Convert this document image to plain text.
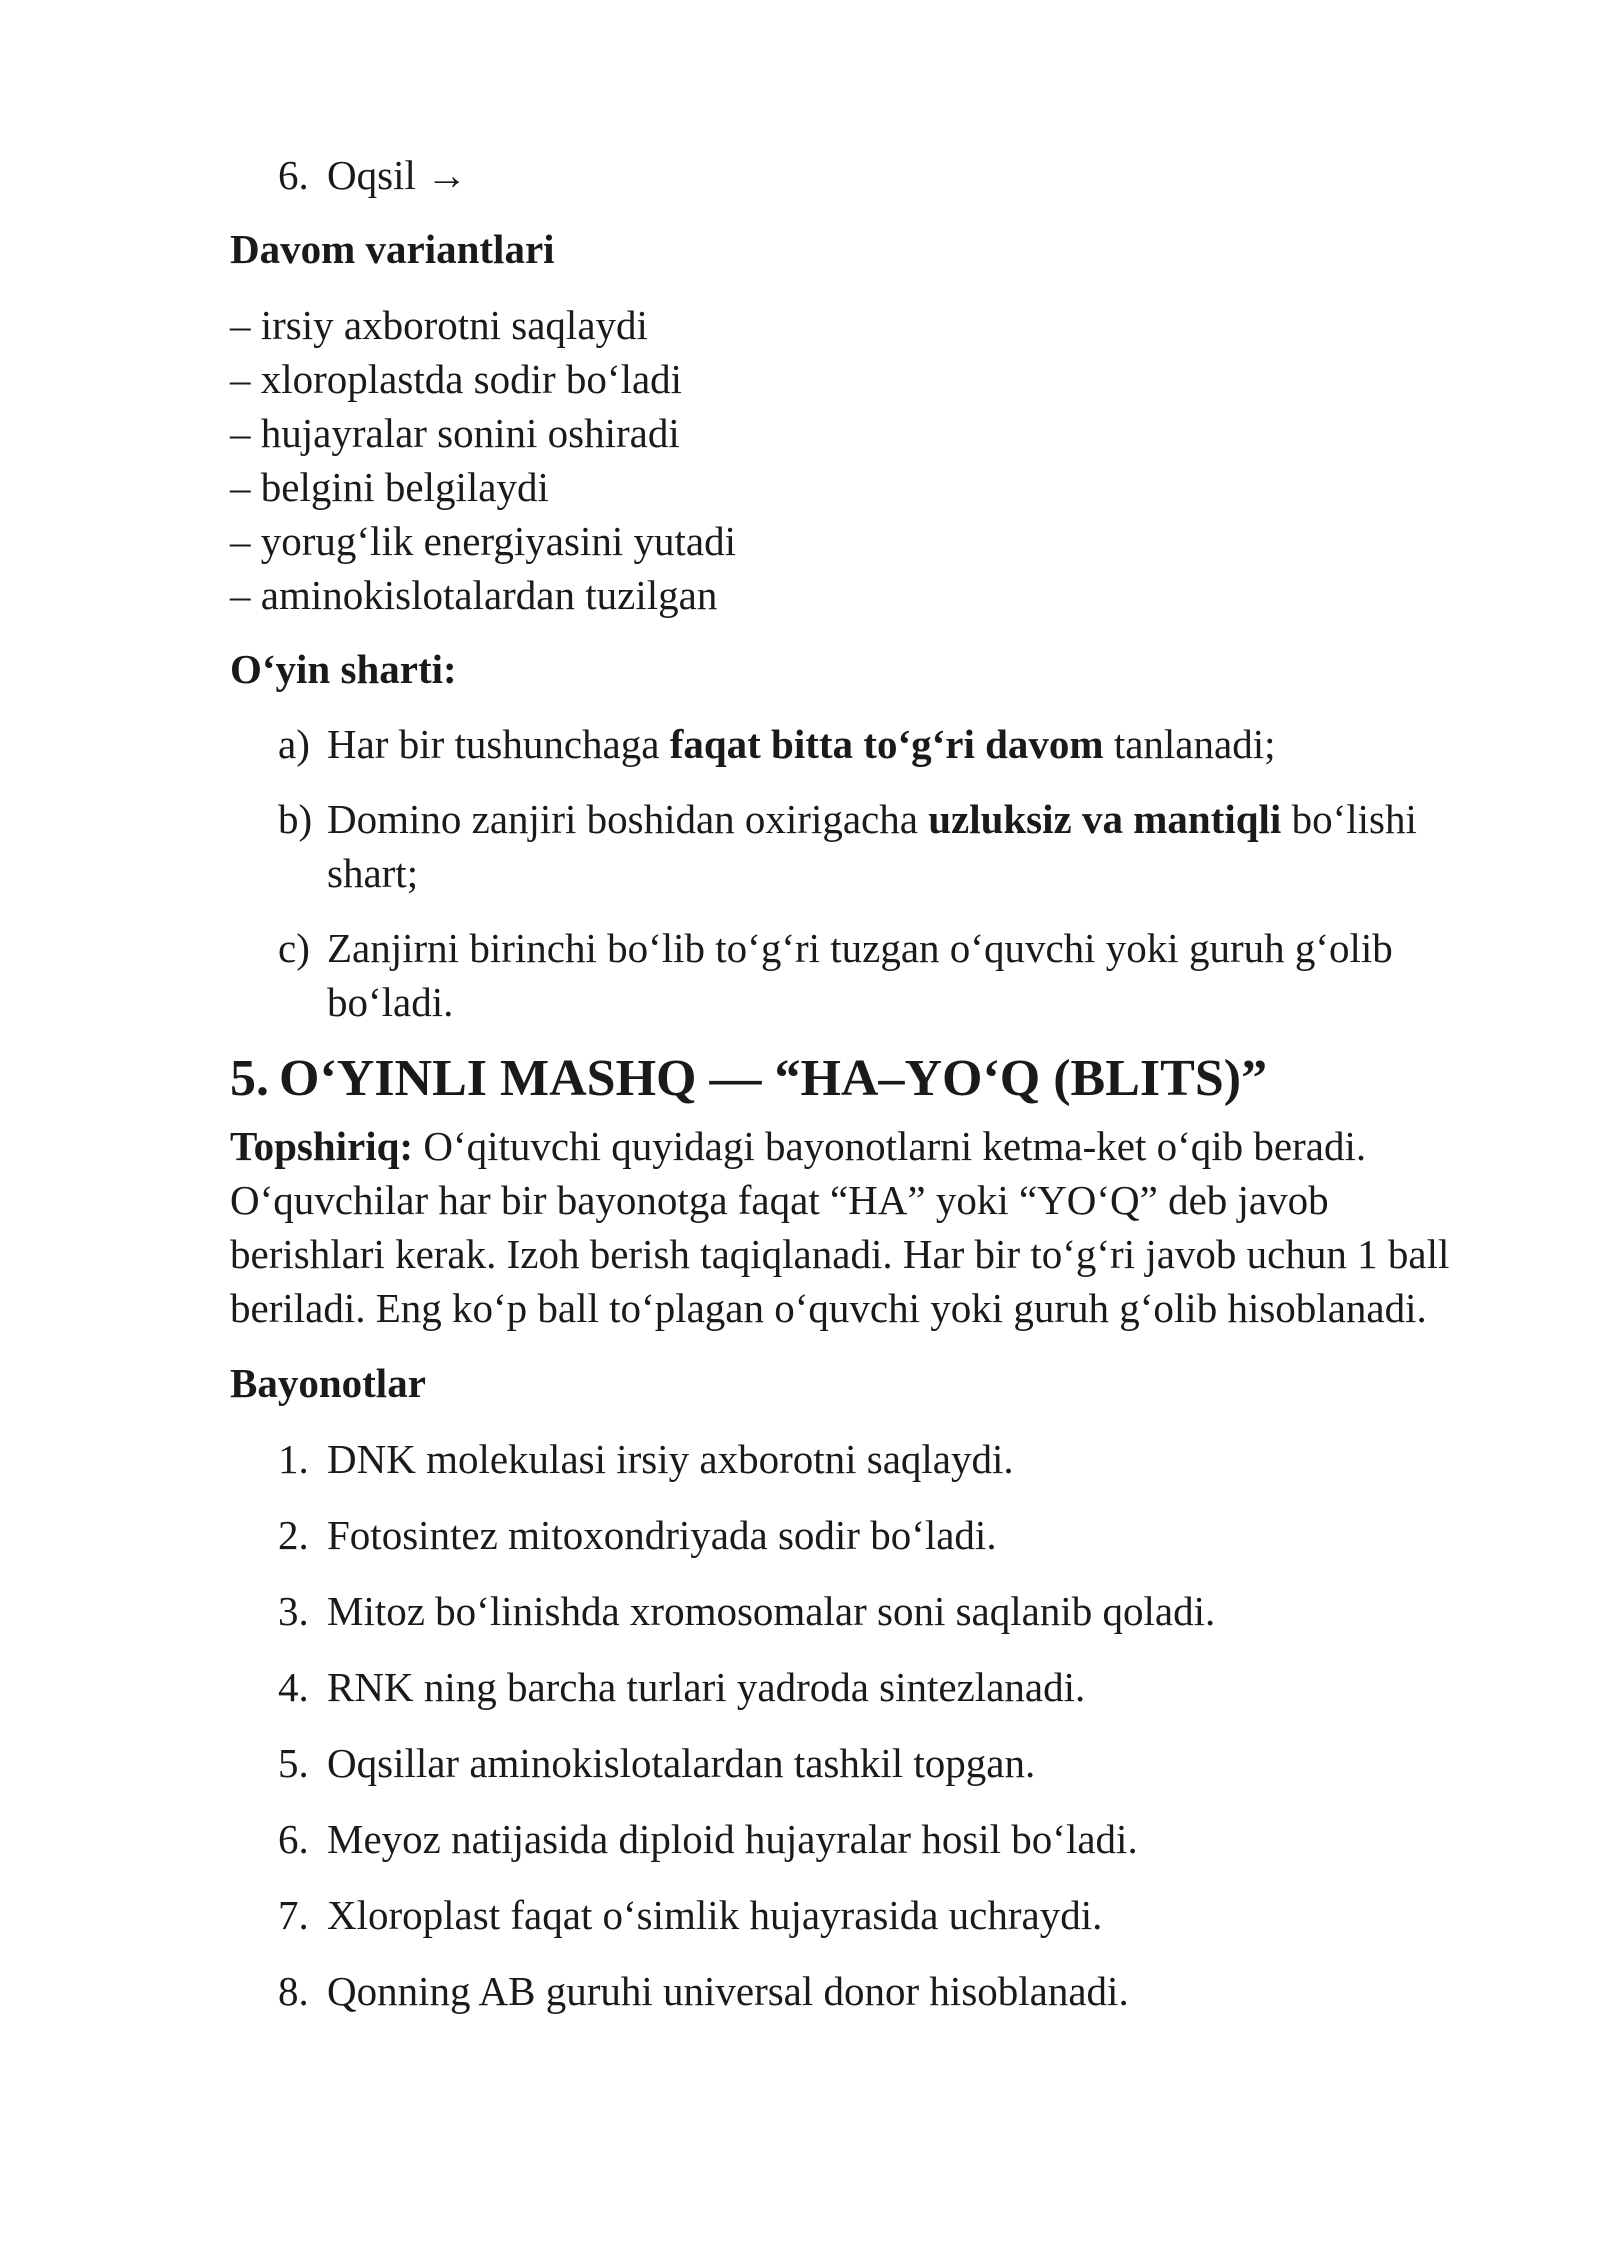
6. Oqsil →
Davom variantlari
– irsiy axborotni saqlaydi
– xloroplastda sodir bo‘ladi
– hujayralar sonini oshiradi
– belgini belgilaydi
– yorug‘lik energiyasini yutadi
– aminokislotalardan tuzilgan
O‘yin sharti:
a) Har bir tushunchaga faqat bitta to‘g‘ri davom tanlanadi;
b) Domino zanjiri boshidan oxirigacha uzluksiz va mantiqli bo‘lishi shart;
c) Zanjirni birinchi bo‘lib to‘g‘ri tuzgan o‘quvchi yoki guruh g‘olib bo‘ladi.
5. O‘YINLI MASHQ — “HA–YO‘Q (BLITS)”
Topshiriq: O‘qituvchi quyidagi bayonotlarni ketma-ket o‘qib beradi. O‘quvchilar har bir bayonotga faqat “HA” yoki “YO‘Q” deb javob berishlari kerak. Izoh berish taqiqlanadi. Har bir to‘g‘ri javob uchun 1 ball beriladi. Eng ko‘p ball to‘plagan o‘quvchi yoki guruh g‘olib hisoblanadi.
Bayonotlar
1. DNK molekulasi irsiy axborotni saqlaydi.
2. Fotosintez mitoxondriyada sodir bo‘ladi.
3. Mitoz bo‘linishda xromosomalar soni saqlanib qoladi.
4. RNK ning barcha turlari yadroda sintezlanadi.
5. Oqsillar aminokislotalardan tashkil topgan.
6. Meyoz natijasida diploid hujayralar hosil bo‘ladi.
7. Xloroplast faqat o‘simlik hujayrasida uchraydi.
8. Qonning AB guruhi universal donor hisoblanadi.
